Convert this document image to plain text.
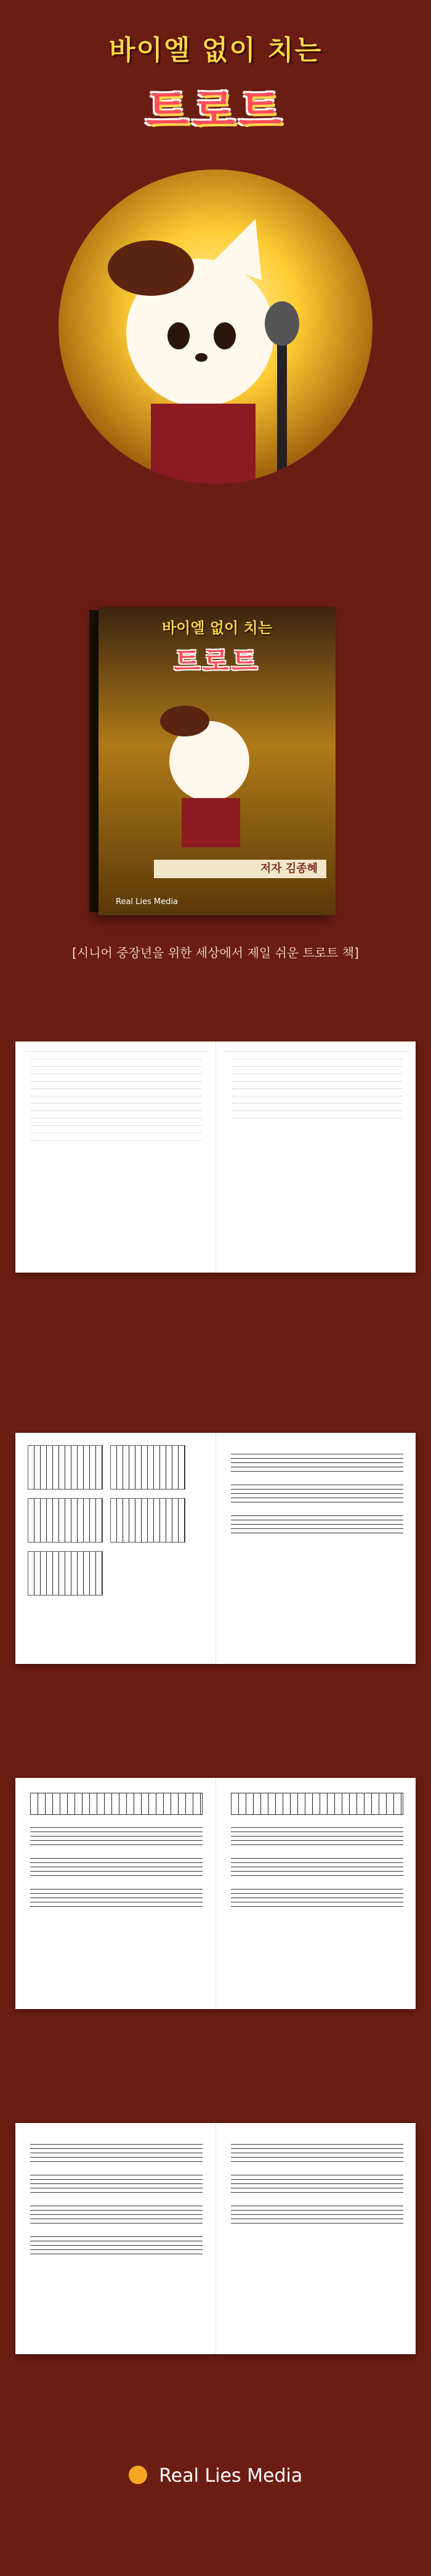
바이엘 없이 치는
트로트
바이엘 없이 치는
트로트
저자 김종혜
Real Lies Media
[시니어 중장년을 위한 세상에서 제일 쉬운 트로트 책]

Real Lies Media
